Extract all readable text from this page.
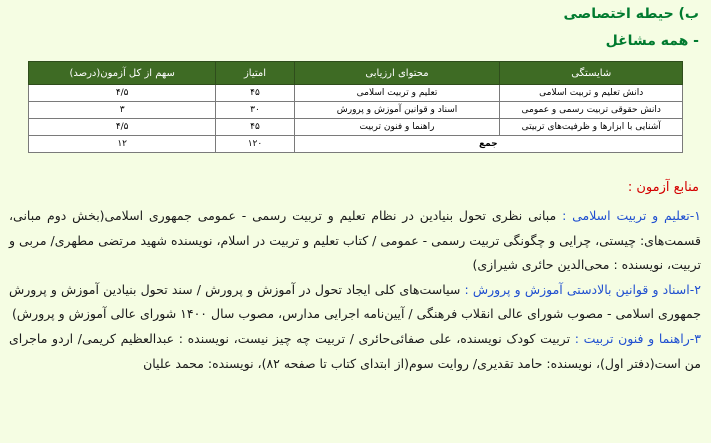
ب) حیطه اختصاصی
- همه مشاغل
شایستگی	محتوای ارزیابی	امتیاز	سهم از کل آزمون(درصد)
دانش تعلیم و تربیت اسلامی	تعلیم و تربیت اسلامی	۴۵	۴/۵
دانش حقوقی تربیت رسمی و عمومی	اسناد و قوانین آموزش و پرورش	۳۰	۳
آشنایی با ابزارها و ظرفیت‌های تربیتی	راهنما و فنون تربیت	۴۵	۴/۵
جمع		۱۲۰	۱۲
منابع آزمون :

۱-تعلیم و تربیت اسلامی : مبانی نظری تحول بنیادین در نظام تعلیم و تربیت رسمی - عمومی جمهوری اسلامی(بخش دوم مبانی، قسمت‌های: چیستی، چرایی و چگونگی تربیت رسمی - عمومی / کتاب تعلیم و تربیت در اسلام، نویسنده شهید مرتضی مطهری/ مربی و تربیت، نویسنده : محی‌الدین حائری شیرازی)

۲-اسناد و قوانین بالادستی آموزش و پرورش : سیاست‌های کلی ایجاد تحول در آموزش و پرورش / سند تحول بنیادین آموزش و پرورش جمهوری اسلامی - مصوب شورای عالی انقلاب فرهنگی / آیین‌نامه اجرایی مدارس، مصوب سال ۱۴۰۰ شورای عالی آموزش و پرورش)

۳-راهنما و فنون تربیت : تربیت کودک نویسنده، علی صفائی‌حائری / تربیت چه چیز نیست، نویسنده : عبدالعظیم کریمی/ اردو ماجرای من است(دفتر اول)، نویسنده: حامد تقدیری/ روایت سوم(از ابتدای کتاب تا صفحه ۸۲)، نویسنده: محمد علیان
